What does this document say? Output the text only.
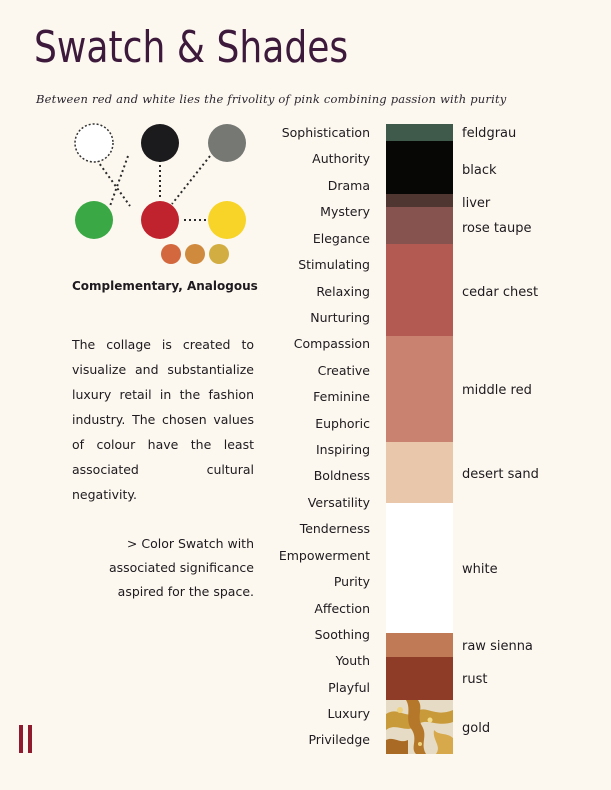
Swatch & Shades
Between red and white lies the frivolity of pink combining passion with purity
Complementary, Analogous
The collage is created to visualize and substantialize luxury retail in the fashion industry. The chosen values of colour have the least associated cultural negativity.
> Color Swatch with associated significance aspired for the space.
Sophistication
Authority
Drama
Mystery
Elegance
Stimulating
Relaxing
Nurturing
Compassion
Creative
Feminine
Euphoric
Inspiring
Boldness
Versatility
Tenderness
Empowerment
Purity
Affection
Soothing
Youth
Playful
Luxury
Priviledge
feldgrau
black
liver
rose taupe
cedar chest
middle red
desert sand
white
raw sienna
rust
gold
